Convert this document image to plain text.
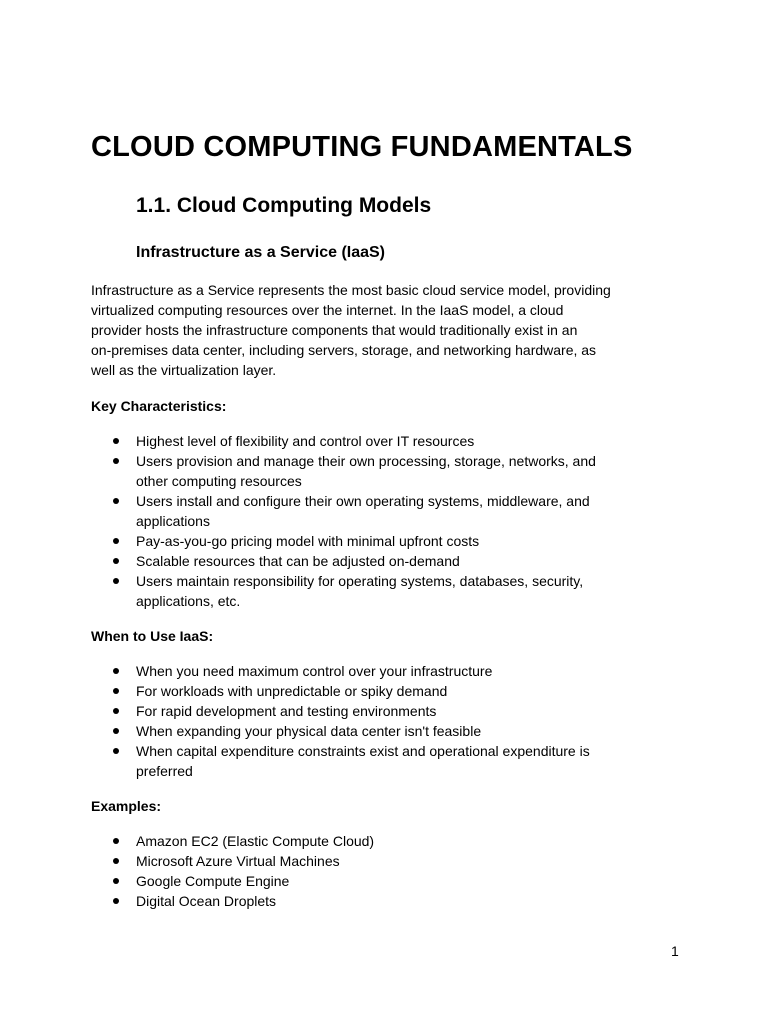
CLOUD COMPUTING FUNDAMENTALS
1.1. Cloud Computing Models
Infrastructure as a Service (IaaS)

Infrastructure as a Service represents the most basic cloud service model, providing
virtualized computing resources over the internet. In the IaaS model, a cloud
provider hosts the infrastructure components that would traditionally exist in an
on-premises data center, including servers, storage, and networking hardware, as
well as the virtualization layer.

Key Characteristics:

Highest level of flexibility and control over IT resources
Users provision and manage their own processing, storage, networks, and
other computing resources
Users install and configure their own operating systems, middleware, and
applications
Pay-as-you-go pricing model with minimal upfront costs
Scalable resources that can be adjusted on-demand
Users maintain responsibility for operating systems, databases, security,
applications, etc.

When to Use IaaS:

When you need maximum control over your infrastructure
For workloads with unpredictable or spiky demand
For rapid development and testing environments
When expanding your physical data center isn't feasible
When capital expenditure constraints exist and operational expenditure is
preferred

Examples:

Amazon EC2 (Elastic Compute Cloud)
Microsoft Azure Virtual Machines
Google Compute Engine
Digital Ocean Droplets
1
